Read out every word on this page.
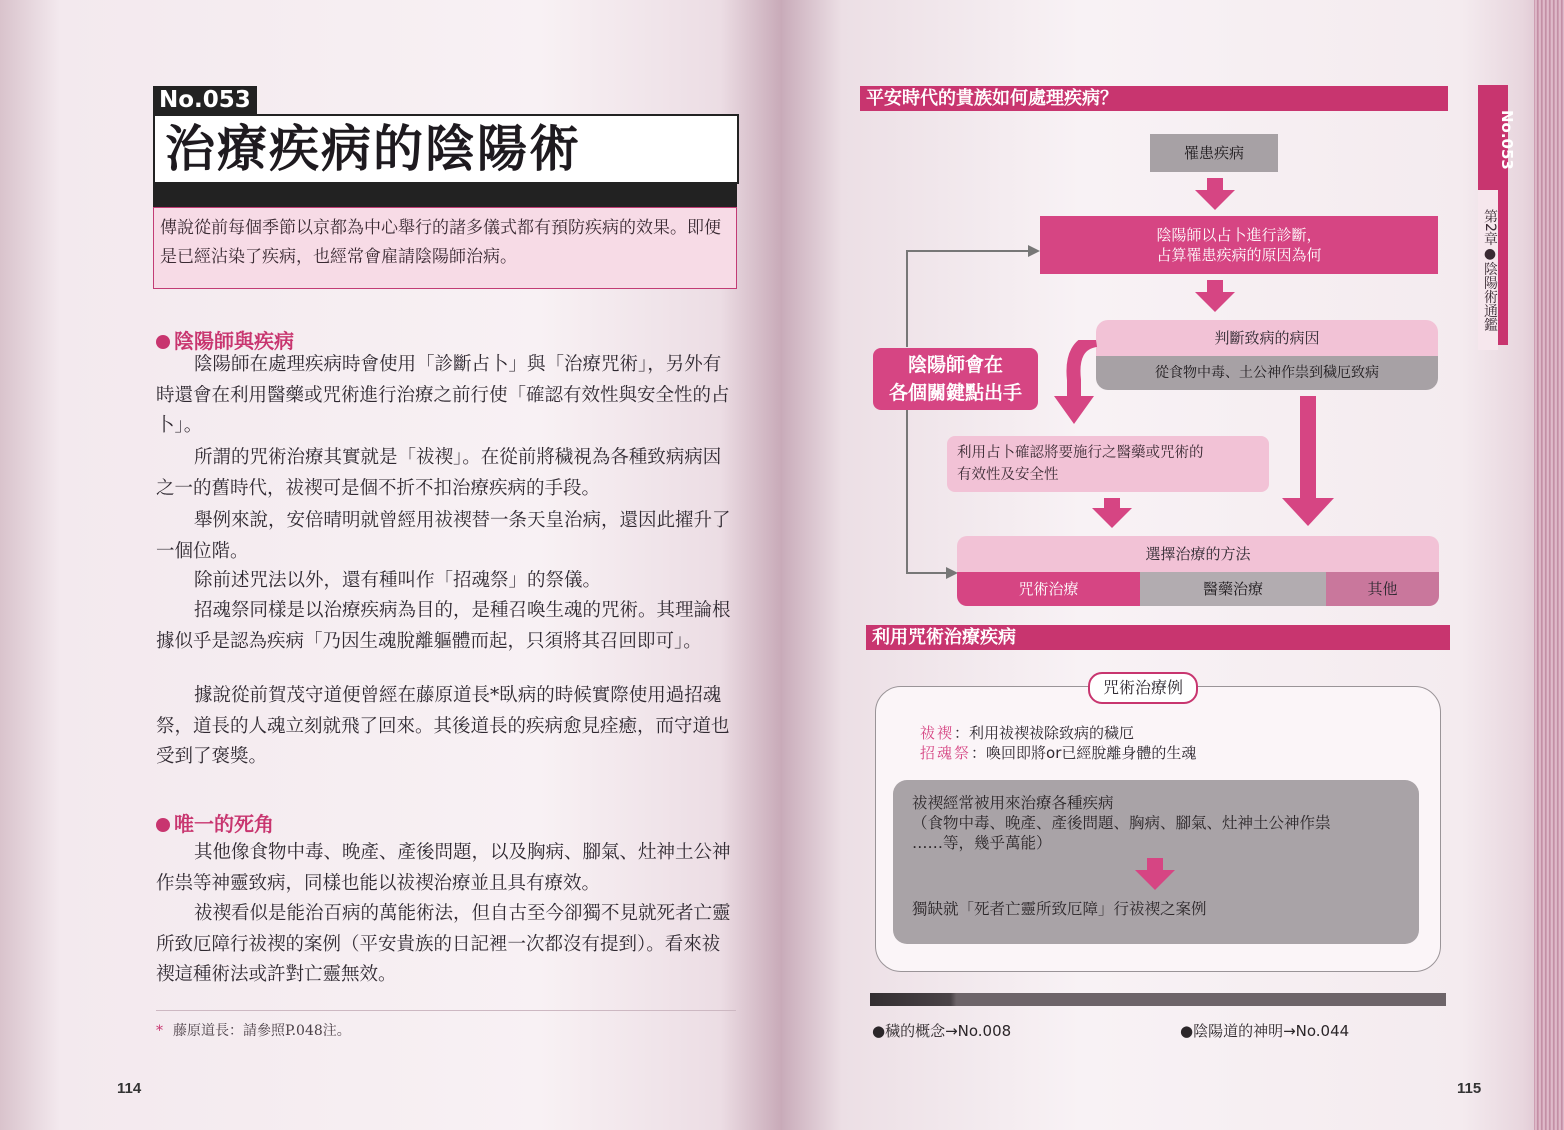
No.053
治療疾病的陰陽術
傳說從前每個季節以京都為中心舉行的諸多儀式都有預防疾病的效果。即便是已經沾染了疾病，也經常會雇請陰陽師治病。
陰陽師與疾病

陰陽師在處理疾病時會使用「診斷占卜」與「治療咒術」，另外有時還會在利用醫藥或咒術進行治療之前行使「確認有效性與安全性的占卜」。

所謂的咒術治療其實就是「祓禊」。在從前將穢視為各種致病病因之一的舊時代，祓禊可是個不折不扣治療疾病的手段。

舉例來說，安倍晴明就曾經用祓禊替一条天皇治病，還因此擢升了一個位階。

除前述咒法以外，還有種叫作「招魂祭」的祭儀。

招魂祭同樣是以治療疾病為目的，是種召喚生魂的咒術。其理論根據似乎是認為疾病「乃因生魂脫離軀體而起，只須將其召回即可」。

據說從前賀茂守道便曾經在藤原道長*臥病的時候實際使用過招魂祭，道長的人魂立刻就飛了回來。其後道長的疾病愈見痊癒，而守道也受到了褒獎。

唯一的死角

其他像食物中毒、晚產、產後問題，以及胸病、腳氣、灶神土公神作祟等神靈致病，同樣也能以祓禊治療並且具有療效。

祓禊看似是能治百病的萬能術法，但自古至今卻獨不見就死者亡靈所致厄障行祓禊的案例（平安貴族的日記裡一次都沒有提到）。看來祓禊這種術法或許對亡靈無效。

* 藤原道長：請參照P.048注。
114
平安時代的貴族如何處理疾病？
罹患疾病
陰陽師以占卜進行診斷，
占算罹患疾病的原因為何
判斷致病的病因
從食物中毒、土公神作祟到穢厄致病
利用占卜確認將要施行之醫藥或咒術的
有效性及安全性
陰陽師會在
各個關鍵點出手
選擇治療的方法
咒術治療	醫藥治療	其他
利用咒術治療疾病
咒術治療例
祓禊：利用祓禊祓除致病的穢厄
招魂祭：喚回即將or已經脫離身體的生魂
祓禊經常被用來治療各種疾病
（食物中毒、晚產、產後問題、胸病、腳氣、灶神土公神作祟
……等，幾乎萬能）
獨缺就「死者亡靈所致厄障」行祓禊之案例
●穢的概念→No.008	●陰陽道的神明→No.044
No.053
第2章●陰陽術通鑑
115
